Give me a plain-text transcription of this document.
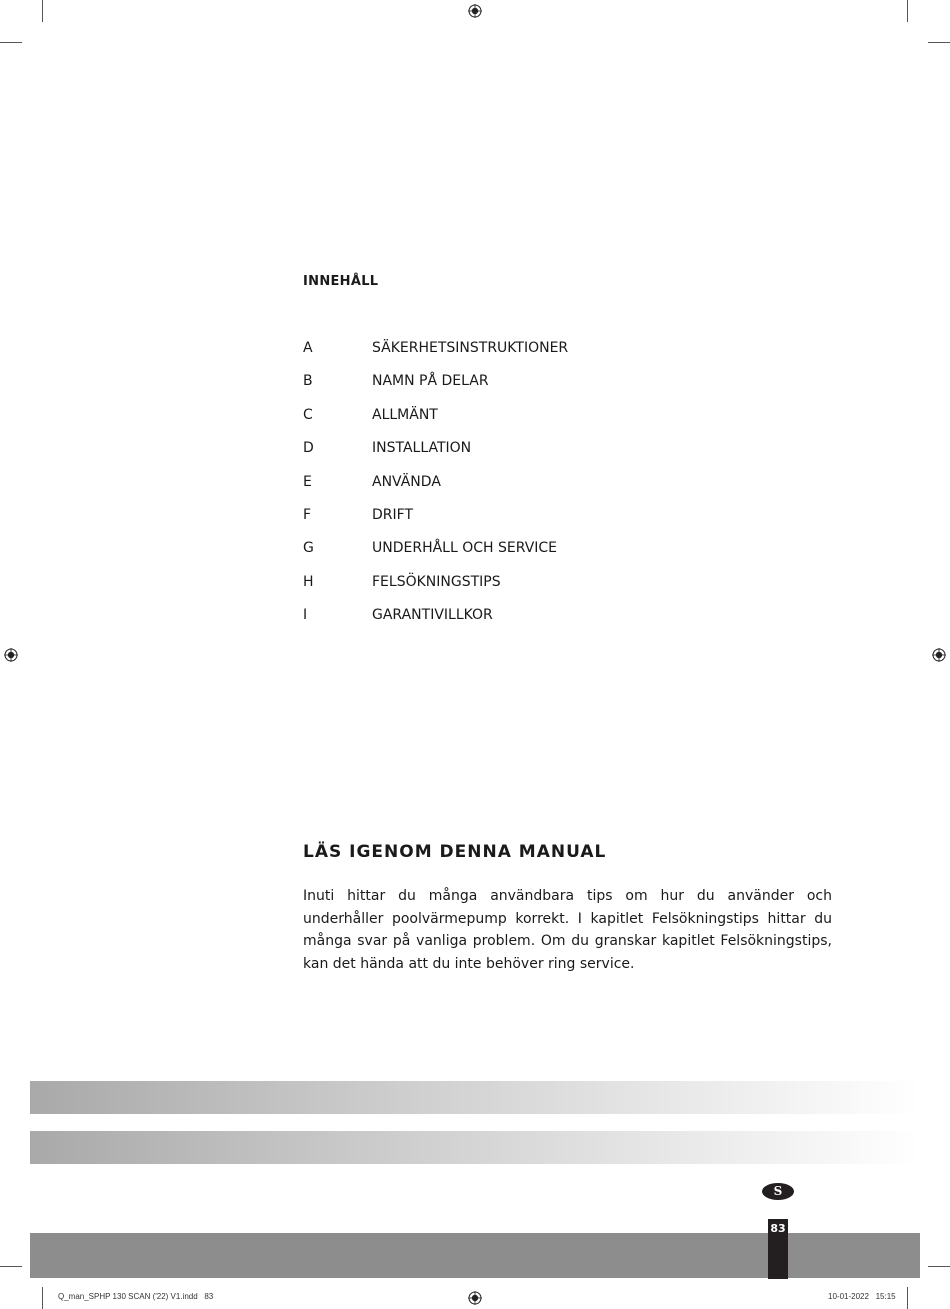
INNEHÅLL
A	SÄKERHETSINSTRUKTIONER
B	NAMN PÅ DELAR
C	ALLMÄNT
D	INSTALLATION
E	ANVÄNDA
F	DRIFT
G	UNDERHÅLL OCH SERVICE
H	FELSÖKNINGSTIPS
I	GARANTIVILLKOR
LÄS IGENOM DENNA MANUAL
Inuti hittar du många användbara tips om hur du använder och underhåller poolvärmepump korrekt. I kapitlet Felsökningstips hittar du många svar på vanliga problem. Om du granskar kapitlet Felsökningstips, kan det hända att du inte behöver ring service.
S
83
Q_man_SPHP 130 SCAN ('22) V1.indd   83	10-01-2022   15:15
